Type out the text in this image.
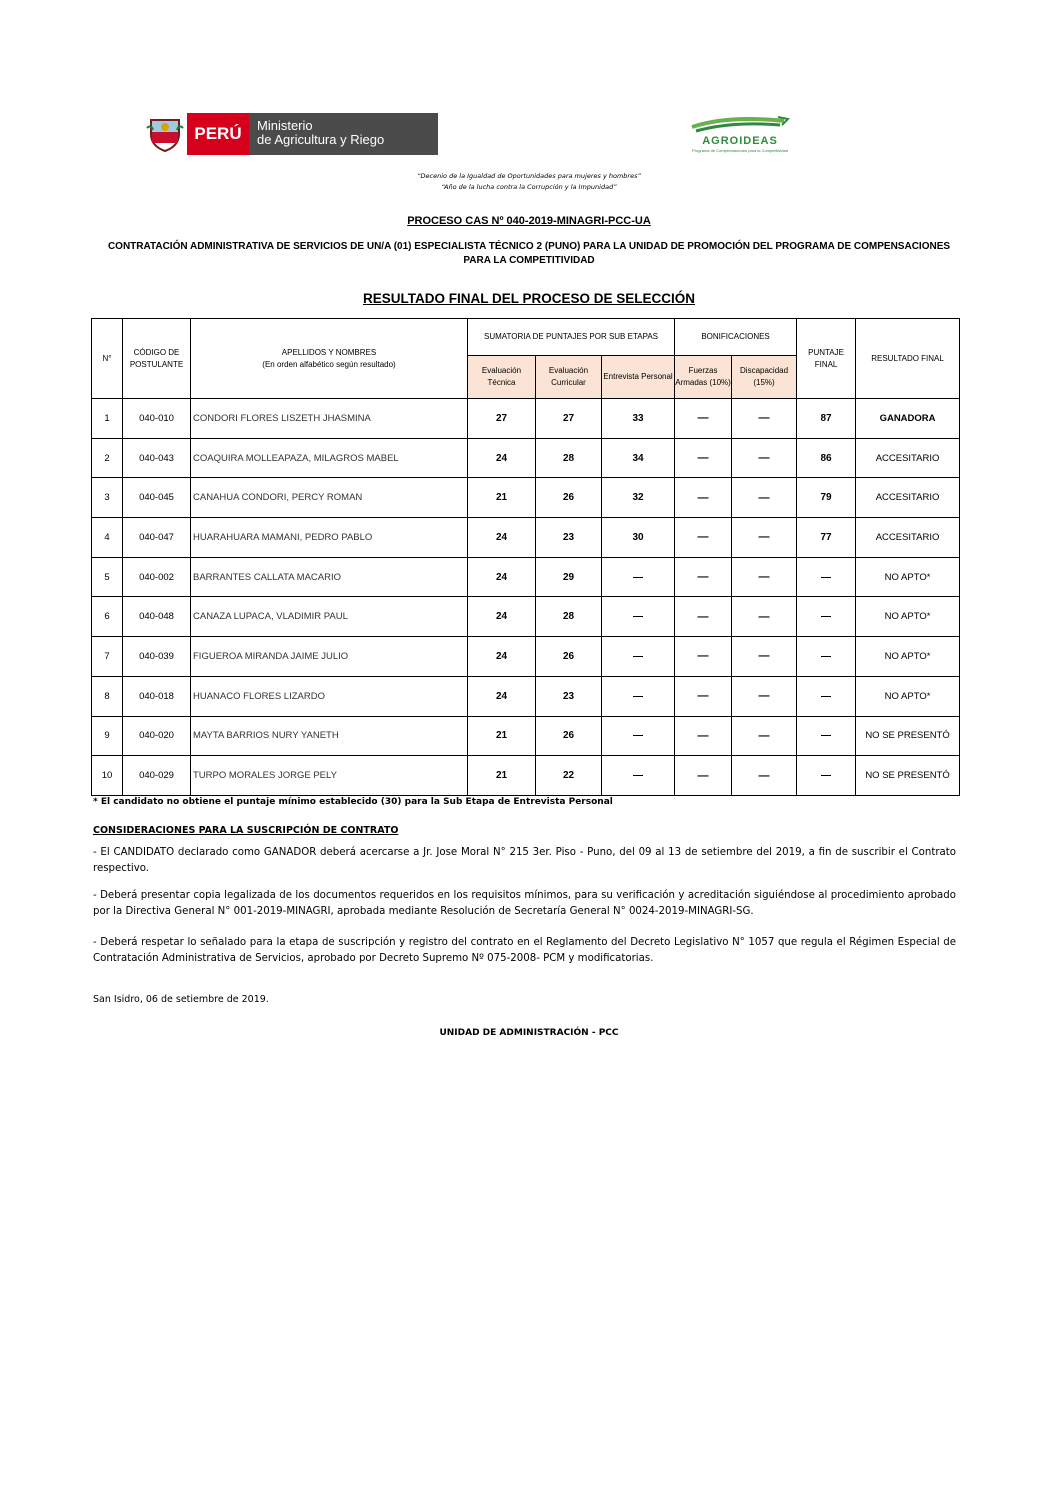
PERÚ	Ministerio
de Agricultura y Riego	AGROIDEAS
Programa de Compensaciones para la Competitividad
“Decenio de la Igualdad de Oportunidades para mujeres y hombres”
“Año de la lucha contra la Corrupción y la Impunidad”
PROCESO CAS Nº 040-2019-MINAGRI-PCC-UA
CONTRATACIÓN ADMINISTRATIVA DE SERVICIOS DE UN/A (01) ESPECIALISTA TÉCNICO 2 (PUNO) PARA LA UNIDAD DE PROMOCIÓN DEL PROGRAMA DE COMPENSACIONES PARA LA COMPETITIVIDAD
RESULTADO FINAL DEL PROCESO DE SELECCIÓN
N°	CÓDIGO DE POSTULANTE	APELLIDOS Y NOMBRES
(En orden alfabético según resultado)	SUMATORIA DE PUNTAJES POR SUB ETAPAS			BONIFICACIONES		PUNTAJE FINAL	RESULTADO FINAL
			Evaluación Técnica	Evaluación Curricular	Entrevista Personal	Fuerzas Armadas (10%)	Discapacidad (15%)		
1	040-010	CONDORI FLORES LISZETH JHASMINA	27	27	33	—	—	87	GANADORA
2	040-043	COAQUIRA MOLLEAPAZA, MILAGROS MABEL	24	28	34	—	—	86	ACCESITARIO
3	040-045	CANAHUA CONDORI, PERCY ROMAN	21	26	32	—	—	79	ACCESITARIO
4	040-047	HUARAHUARA MAMANI, PEDRO PABLO	24	23	30	—	—	77	ACCESITARIO
5	040-002	BARRANTES CALLATA MACARIO	24	29	—	—	—	—	NO APTO*
6	040-048	CANAZA LUPACA, VLADIMIR PAUL	24	28	—	—	—	—	NO APTO*
7	040-039	FIGUEROA MIRANDA JAIME JULIO	24	26	—	—	—	—	NO APTO*
8	040-018	HUANACO FLORES LIZARDO	24	23	—	—	—	—	NO APTO*
9	040-020	MAYTA BARRIOS NURY YANETH	21	26	—	—	—	—	NO SE PRESENTÓ
10	040-029	TURPO MORALES JORGE PELY	21	22	—	—	—	—	NO SE PRESENTÓ
* El candidato no obtiene el puntaje mínimo establecido (30) para la Sub Etapa de Entrevista Personal
CONSIDERACIONES PARA LA SUSCRIPCIÓN DE CONTRATO
- El CANDIDATO declarado como GANADOR deberá acercarse a Jr. Jose Moral N° 215 3er. Piso - Puno, del 09 al 13 de setiembre del 2019, a fin de suscribir el Contrato respectivo.
- Deberá presentar copia legalizada de los documentos requeridos en los requisitos mínimos, para su verificación y acreditación siguiéndose al procedimiento aprobado por la Directiva General N° 001-2019-MINAGRI, aprobada mediante Resolución de Secretaría General N° 0024-2019-MINAGRI-SG.
- Deberá respetar lo señalado para la etapa de suscripción y registro del contrato en el Reglamento del Decreto Legislativo N° 1057 que regula el Régimen Especial de Contratación Administrativa de Servicios, aprobado por Decreto Supremo Nº 075-2008- PCM y modificatorias.
San Isidro, 06 de setiembre de 2019.
UNIDAD DE ADMINISTRACIÓN - PCC
